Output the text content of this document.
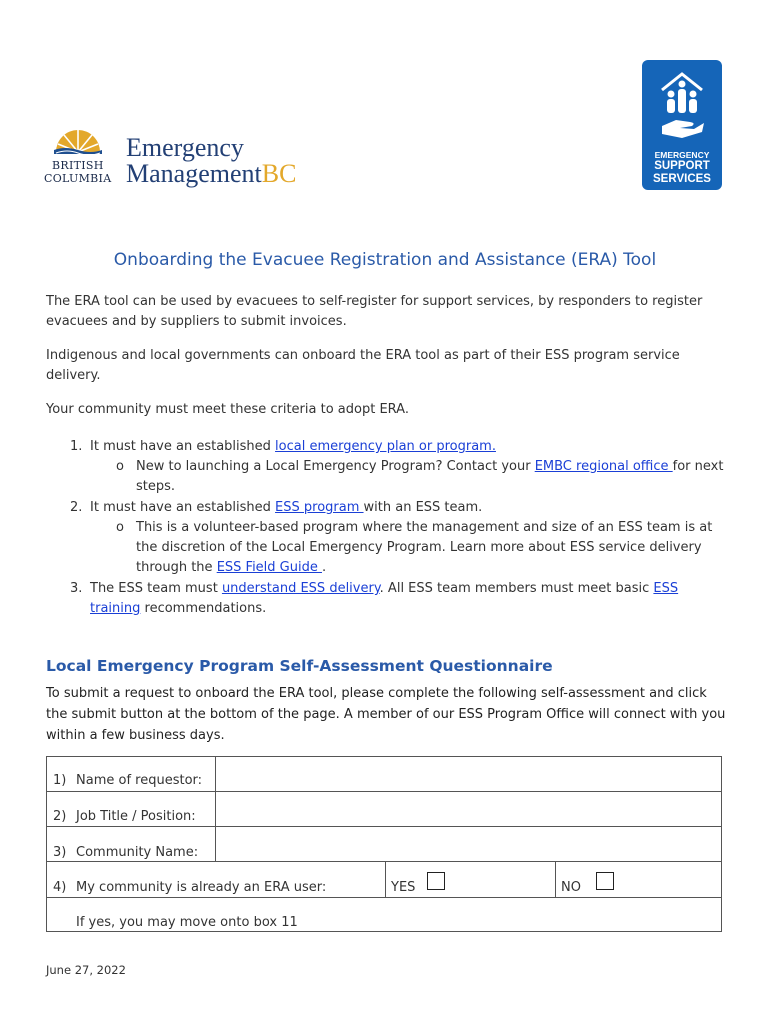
BRITISH
COLUMBIA
Emergency
ManagementBC
EMERGENCY
SUPPORT
SERVICES
Onboarding the Evacuee Registration and Assistance (ERA) Tool
The ERA tool can be used by evacuees to self-register for support services, by responders to register evacuees and by suppliers to submit invoices.
Indigenous and local governments can onboard the ERA tool as part of their ESS program service delivery.
Your community must meet these criteria to adopt ERA.
1. It must have an established local emergency plan or program.
o New to launching a Local Emergency Program? Contact your EMBC regional office for next steps.
2. It must have an established ESS program with an ESS team.
o This is a volunteer-based program where the management and size of an ESS team is at the discretion of the Local Emergency Program. Learn more about ESS service delivery through the ESS Field Guide .
3. The ESS team must understand ESS delivery. All ESS team members must meet basic ESS training recommendations.
Local Emergency Program Self-Assessment Questionnaire
To submit a request to onboard the ERA tool, please complete the following self-assessment and click the submit button at the bottom of the page. A member of our ESS Program Office will connect with you within a few business days.
1) Name of requestor:
2) Job Title / Position:
3) Community Name:
4) My community is already an ERA user:	YES	NO
If yes, you may move onto box 11
June 27, 2022
